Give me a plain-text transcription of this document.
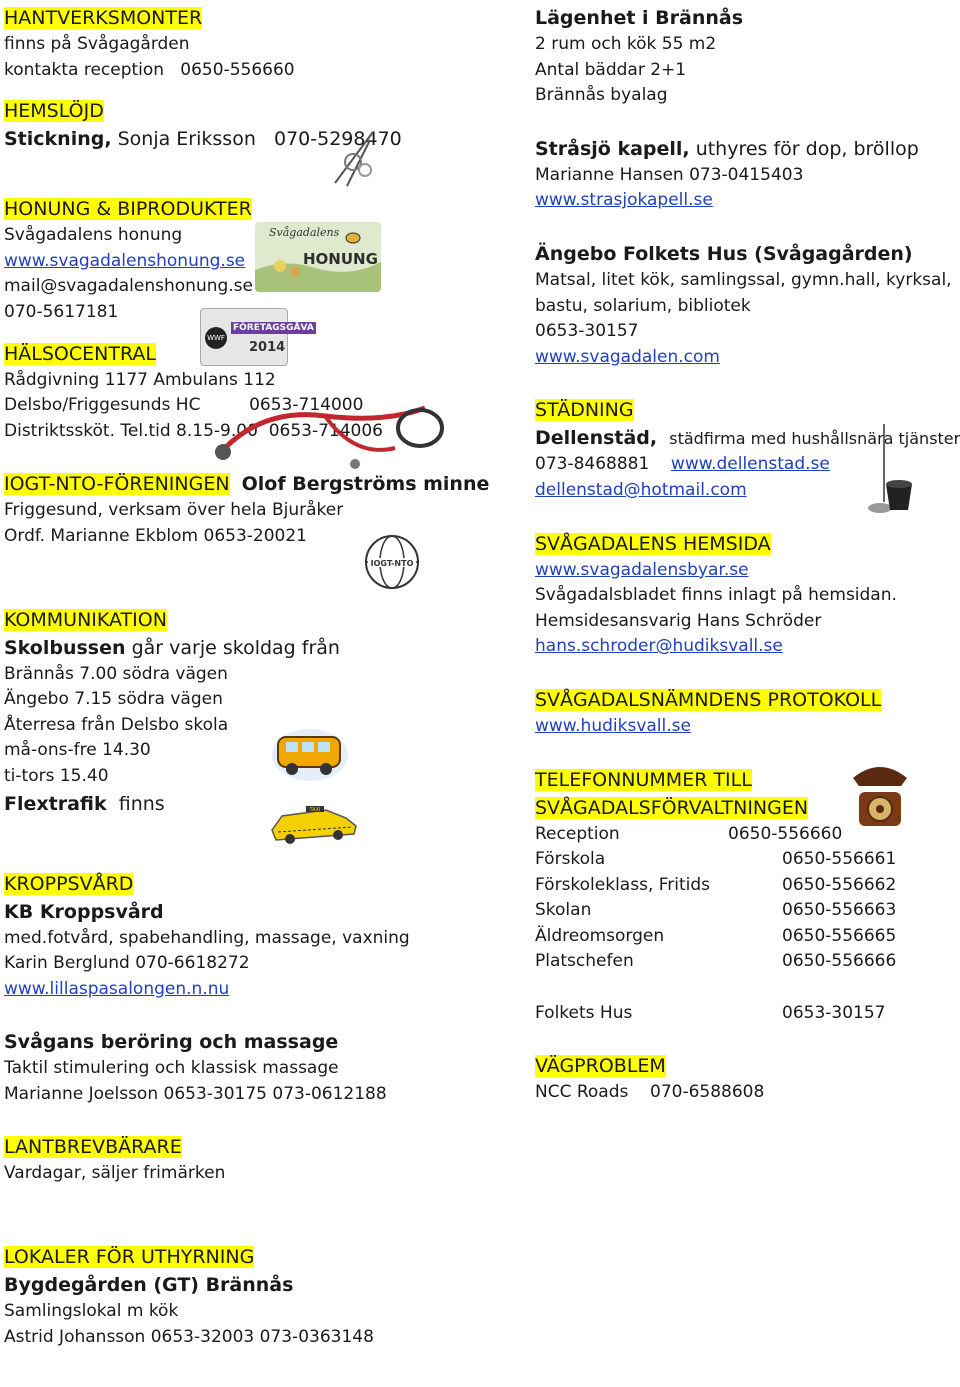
HANTVERKSMONTER
finns på Svågagården
kontakta reception 0650-556660
HEMSLÖJD
Stickning, Sonja Eriksson 070-5298470
HONUNG & BIPRODUKTER
Svågadalens honung
www.svagadalenshonung.se
mail@svagadalenshonung.se
070-5617181
HÄLSOCENTRAL
Rådgivning 1177 Ambulans 112
Delsbo/Friggesunds HC	0653-714000
Distriktssköt. Tel.tid 8.15-9.00 0653-714006
IOGT-NTO-FÖRENINGEN Olof Bergströms minne
Friggesund, verksam över hela Bjuråker
Ordf. Marianne Ekblom 0653-20021
KOMMUNIKATION
Skolbussen går varje skoldag från
Brännås 7.00 södra vägen
Ängebo 7.15 södra vägen
Återresa från Delsbo skola
må-ons-fre 14.30
ti-tors 15.40
Flextrafik finns
KROPPSVÅRD
KB Kroppsvård
med.fotvård, spabehandling, massage, vaxning
Karin Berglund 070-6618272
www.lillaspasalongen.n.nu
Svågans beröring och massage
Taktil stimulering och klassisk massage
Marianne Joelsson 0653-30175 073-0612188
LANTBREVBÄRARE
Vardagar, säljer frimärken
LOKALER FÖR UTHYRNING
Bygdegården (GT) Brännås
Samlingslokal m kök
Astrid Johansson 0653-32003 073-0363148
Lägenhet i Brännås
2 rum och kök 55 m2
Antal bäddar 2+1
Brännås byalag
Stråsjö kapell, uthyres för dop, bröllop
Marianne Hansen 073-0415403
www.strasjokapell.se
Ängebo Folkets Hus (Svågagården)
Matsal, litet kök, samlingssal, gymn.hall, kyrksal,
bastu, solarium, bibliotek
0653-30157
www.svagadalen.com
STÄDNING
Dellenstäd, städfirma med hushållsnära tjänster
073-8468881 www.dellenstad.se
dellenstad@hotmail.com
SVÅGADALENS HEMSIDA
www.svagadalensbyar.se
Svågadalsbladet finns inlagt på hemsidan.
Hemsidesansvarig Hans Schröder
hans.schroder@hudiksvall.se
SVÅGADALSNÄMNDENS PROTOKOLL
www.hudiksvall.se
TELEFONNUMMER TILL
SVÅGADALSFÖRVALTNINGEN
Reception	0650-556660
Förskola	0650-556661
Förskoleklass, Fritids	0650-556662
Skolan	0650-556663
Äldreomsorgen	0650-556665
Platschefen	0650-556666
Folkets Hus	0653-30157
VÄGPROBLEM
NCC Roads 070-6588608
Svågadalens
HONUNG
WWF
FÖRETAGSGÅVA
2014
IOGT-NTO
TAXI
